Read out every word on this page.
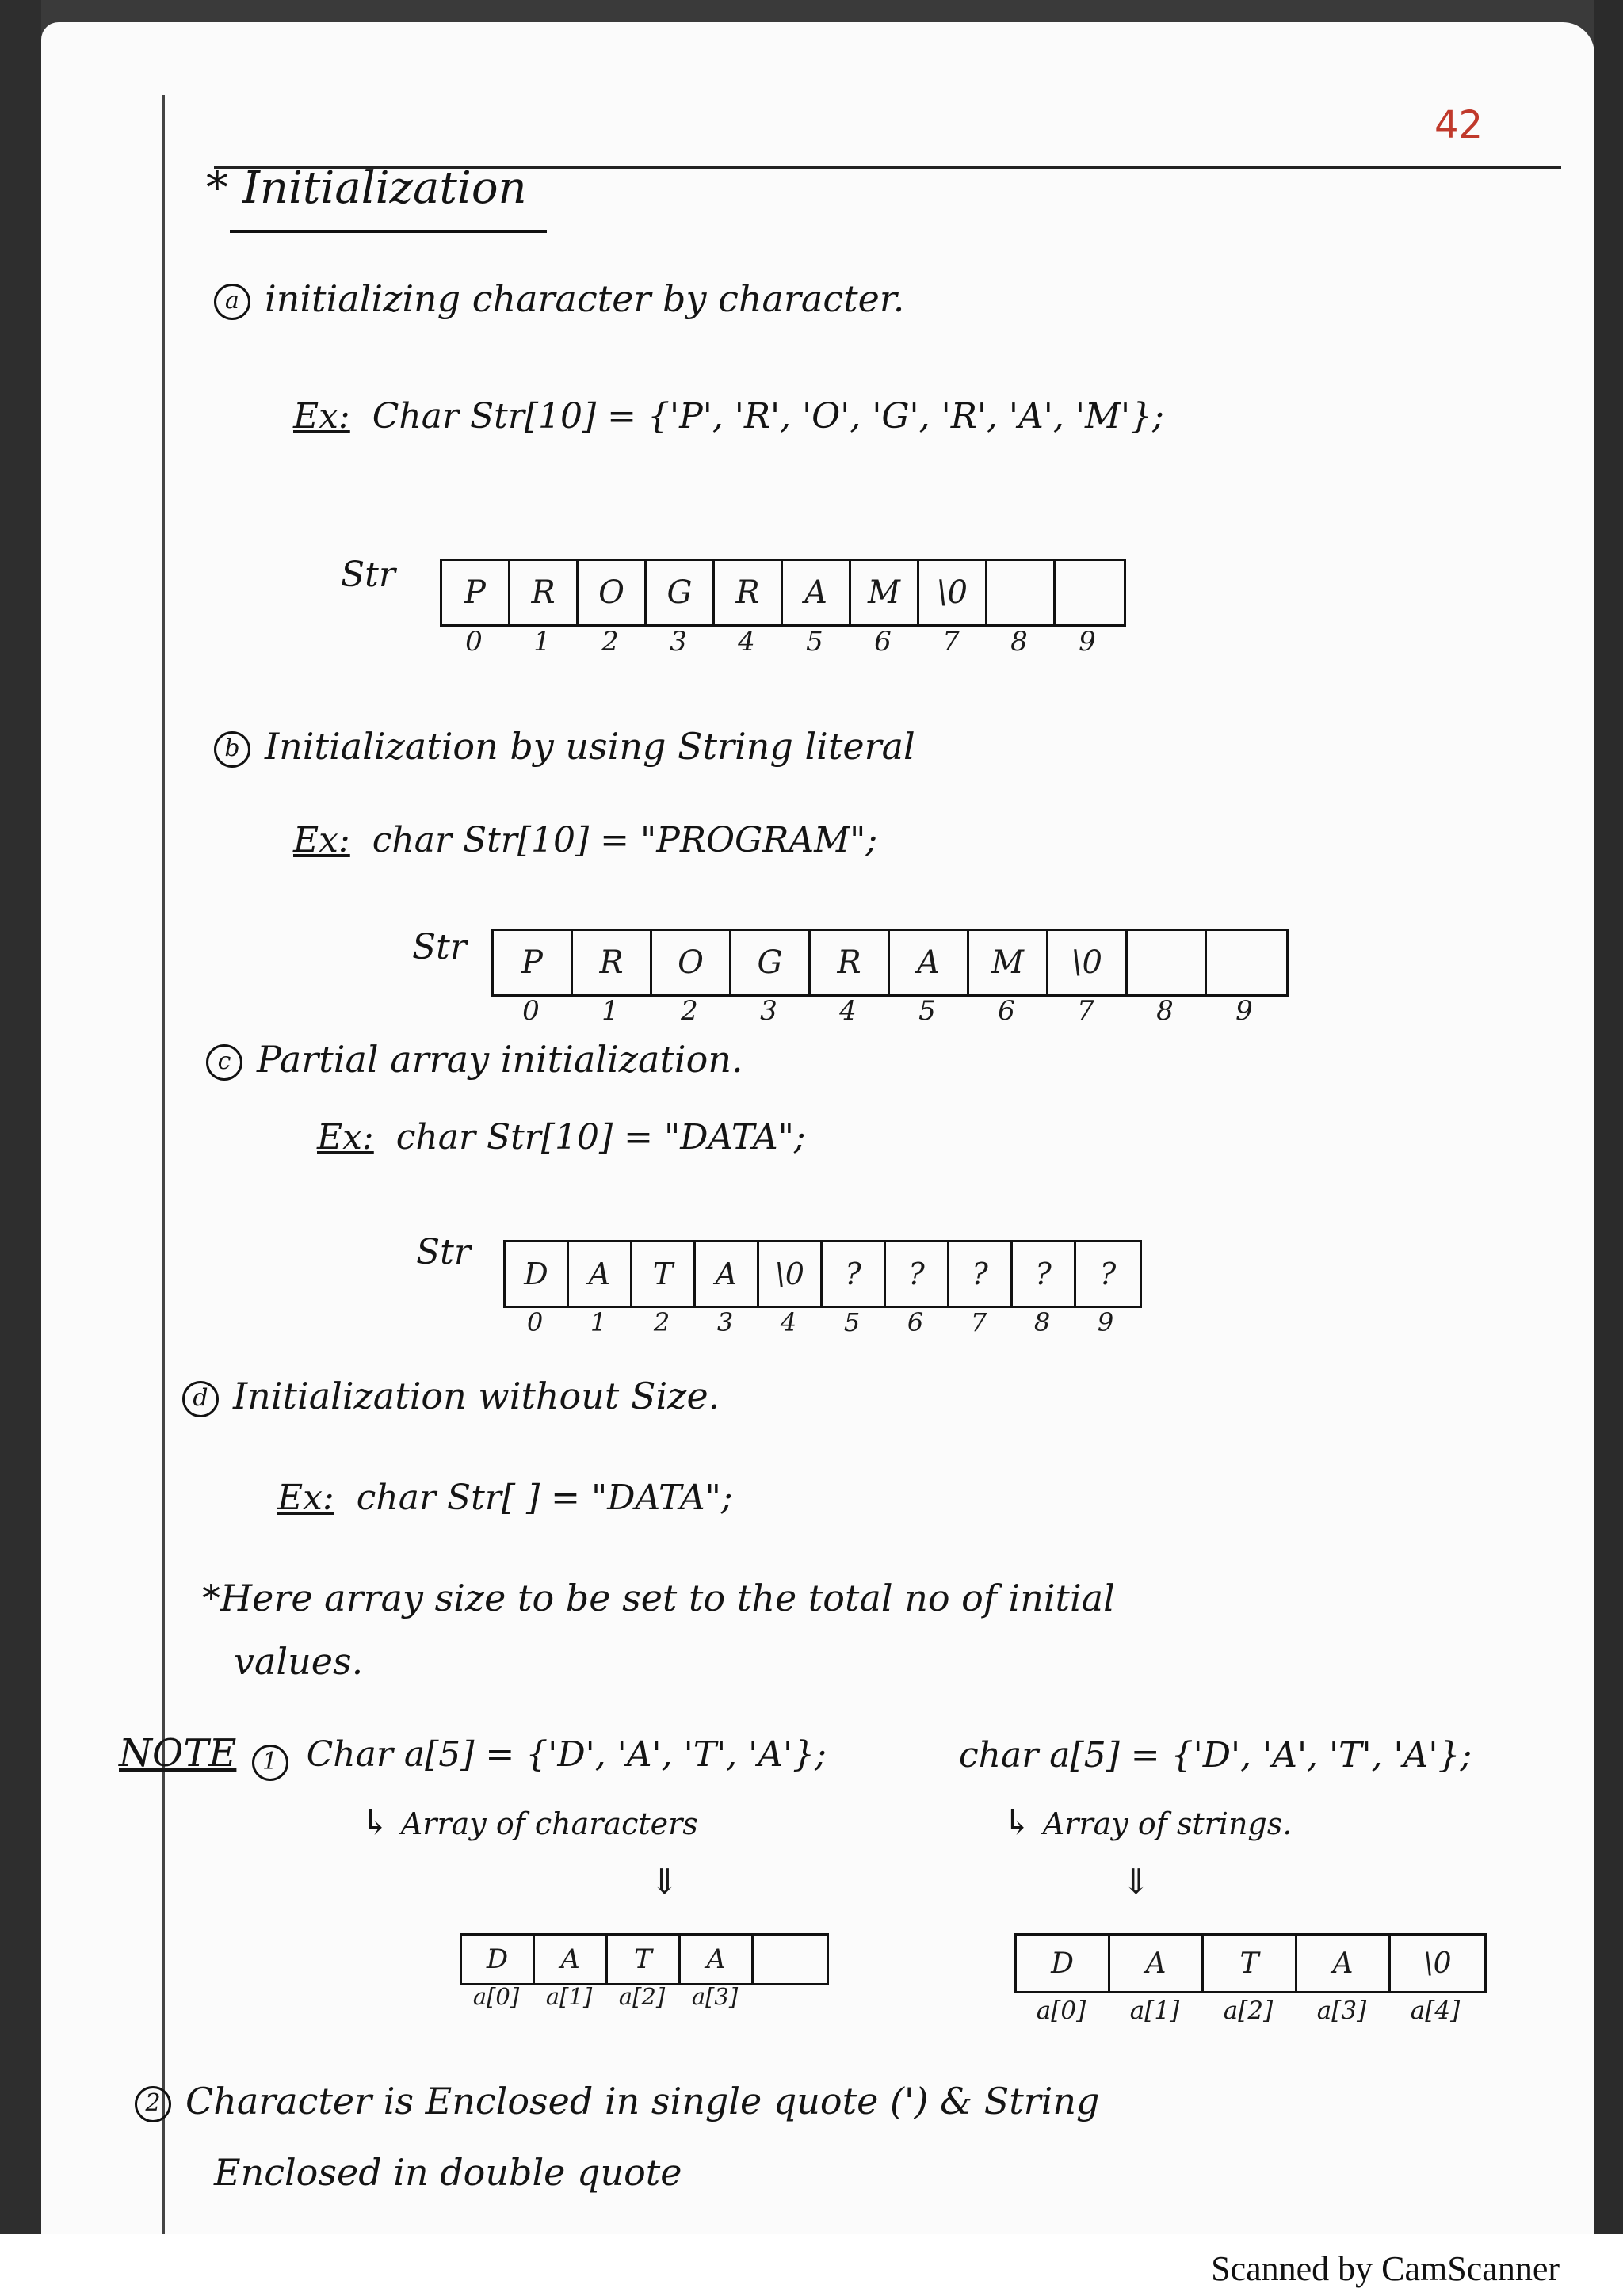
42
* Initialization
a initializing character by character.
Ex: Char Str[10] = {'P', 'R', 'O', 'G', 'R', 'A', 'M'};
Str	P	R	O	G	R	A	M	\0
0	1	2	3	4	5	6	7	8	9
b Initialization by using String literal
Ex: char Str[10] = "PROGRAM";
Str	P	R	O	G	R	A	M	\0
0	1	2	3	4	5	6	7	8	9
c Partial array initialization.
Ex: char Str[10] = "DATA";
Str
D	A	T	A	\0	?	?	?	?	?
0	1	2	3	4	5	6	7	8	9
d Initialization without Size.
Ex: char Str[ ] = "DATA";
*Here array size to be set to the total no of initial
values.
NOTE 1 Char a[5] = {'D', 'A', 'T', 'A'};	char a[5] = {'D', 'A', 'T', 'A'};
↳ Array of characters	↳ Array of strings.
⇓	⇓
D	A	T	A
a[0]	a[1]	a[2]	a[3]
D	A	T	A	\0
a[0]	a[1]	a[2]	a[3]	a[4]
2 Character is Enclosed in single quote (') & String
Enclosed in double quote
Scanned by CamScanner
